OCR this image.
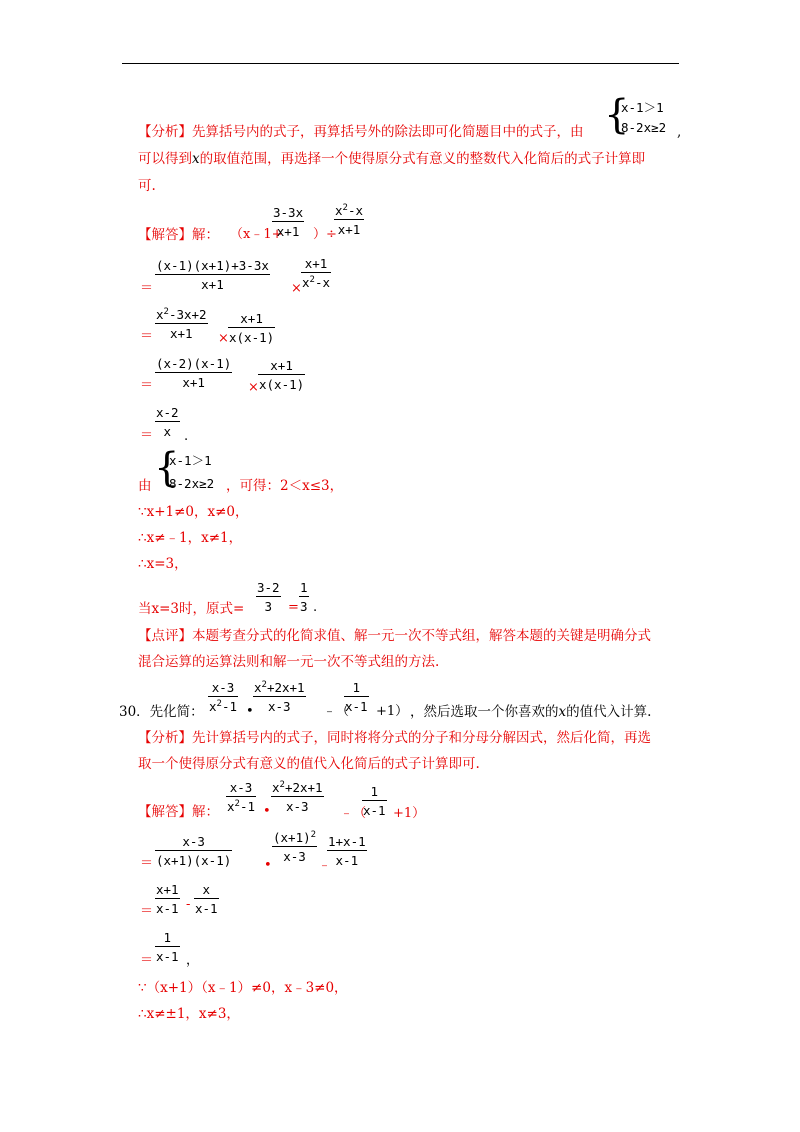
{
x-1＞1
8-2x≥2
【分析】先算括号内的式子，再算括号外的除法即可化简题目中的式子，由	,
可以得到x的取值范围，再选择一个使得原分式有意义的整数代入化简后的式子计算即
可.
【解答】解： （x﹣1+
3-3x
x+1	）÷
$x^2-x$
x+1
＝
(x-1)(x+1)+3-3x
x+1	×
x+1
$x^2-x$
＝
$x^2-3x+2$
x+1	×
x+1
x(x-1)
＝
(x-2)(x-1)
x+1	×
x+1
x(x-1)
＝
x-2
x .
{
x-1＞1
8-2x≥2
由	，可得：2＜x≤3，
∵x+1≠0，x≠0，
∴x≠﹣1，x≠1，
∴x=3，
当x=3时，原式=
3-2
3	=
1
3 .
【点评】本题考查分式的化简求值、解一元一次不等式组，解答本题的关键是明确分式
混合运算的运算法则和解一元一次不等式组的方法.
30．先化简：
x-3
$x^2-1$ •
$x^2+2x+1$
x-3	﹣（
1
x-1 +1） ，然后选取一个你喜欢的x的值代入计算.
【分析】先计算括号内的式子，同时将将分式的分子和分母分解因式，然后化简，再选
取一个使得原分式有意义的值代入化简后的式子计算即可.
【解答】解：
x-3
$x^2-1$ •
$x^2+2x+1$
x-3	﹣（
1
x-1 +1）
＝
x-3
(x+1)(x-1)	•
$(x+1)^2$
x-3
﹣
1+x-1
x-1
＝
x+1
x-1 -
x
x-1
＝
1
x-1 ，
∵（x+1）（x﹣1）≠0，x﹣3≠0，
∴x≠±1，x≠3，
